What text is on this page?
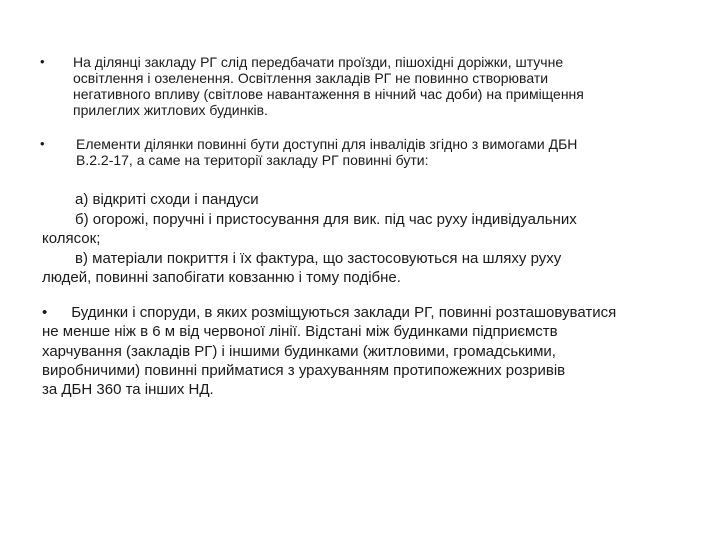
• На ділянці закладу РГ слід передбачати проїзди, пішохідні доріжки, штучне
освітлення і озеленення. Освітлення закладів РГ не повинно створювати
негативного впливу (світлове навантаження в нічний час доби) на приміщення
прилеглих житлових будинків.
• Елементи ділянки повинні бути доступні для інвалідів згідно з вимогами ДБН
В.2.2-17, а саме на території закладу РГ повинні бути:

а) відкриті сходи і пандуси

б) огорожі, поручні і пристосування для вик. під час руху індивідуальних

колясок;

в) матеріали покриття і їх фактура, що застосовуються на шляху руху

людей, повинні запобігати ковзанню і тому подібне.

• Будинки і споруди, в яких розміщуються заклади РГ, повинні розташовуватися

не менше ніж в 6 м від червоної лінії. Відстані між будинками підприємств

харчування (закладів РГ) і іншими будинками (житловими, громадськими,

виробничими) повинні прийматися з урахуванням протипожежних розривів

за ДБН 360 та інших НД.
